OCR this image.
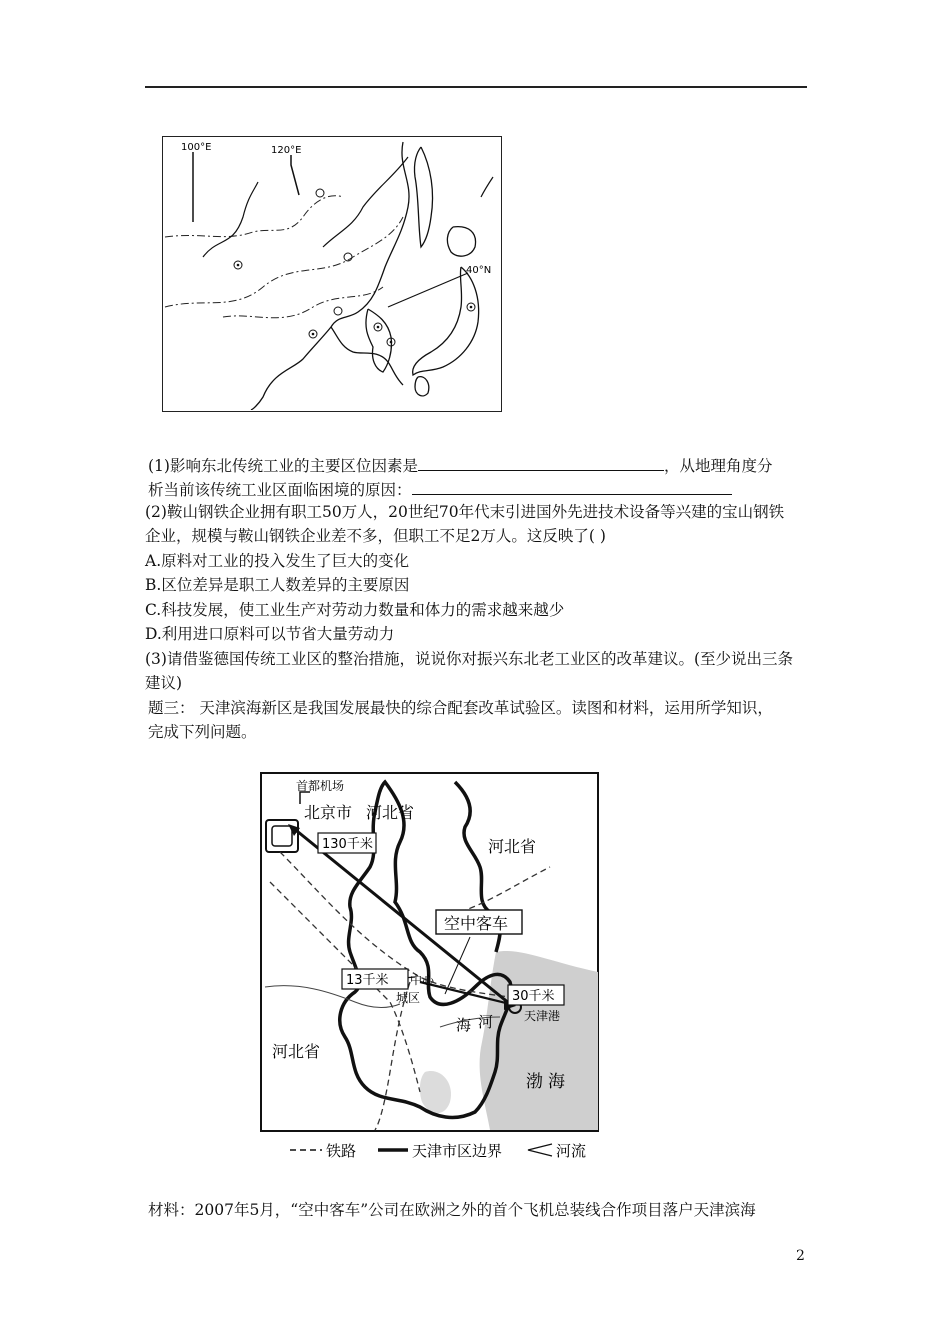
100°E	120°E
40°N
(1)影响东北传统工业的主要区位因素是	，从地理角度分
析当前该传统工业区面临困境的原因：
(2)鞍山钢铁企业拥有职工50万人，20世纪70年代末引进国外先进技术设备等兴建的宝山钢铁
企业，规模与鞍山钢铁企业差不多，但职工不足2万人。这反映了( )
A.原料对工业的投入发生了巨大的变化
B.区位差异是职工人数差异的主要原因
C.科技发展，使工业生产对劳动力数量和体力的需求越来越少
D.利用进口原料可以节省大量劳动力
(3)请借鉴德国传统工业区的整治措施，说说你对振兴东北老工业区的改革建议。(至少说出三条
建议)
题三： 天津滨海新区是我国发展最快的综合配套改革试验区。读图和材料，运用所学知识，
完成下列问题。
首都机场
北京市 河北省
河北省
河北省
130千米
空中客车
13千米 中心
城区	30千米
天津港
海 河
渤 海
铁路	天津市区边界	河流
材料：2007年5月，“空中客车”公司在欧洲之外的首个飞机总装线合作项目落户天津滨海
2
